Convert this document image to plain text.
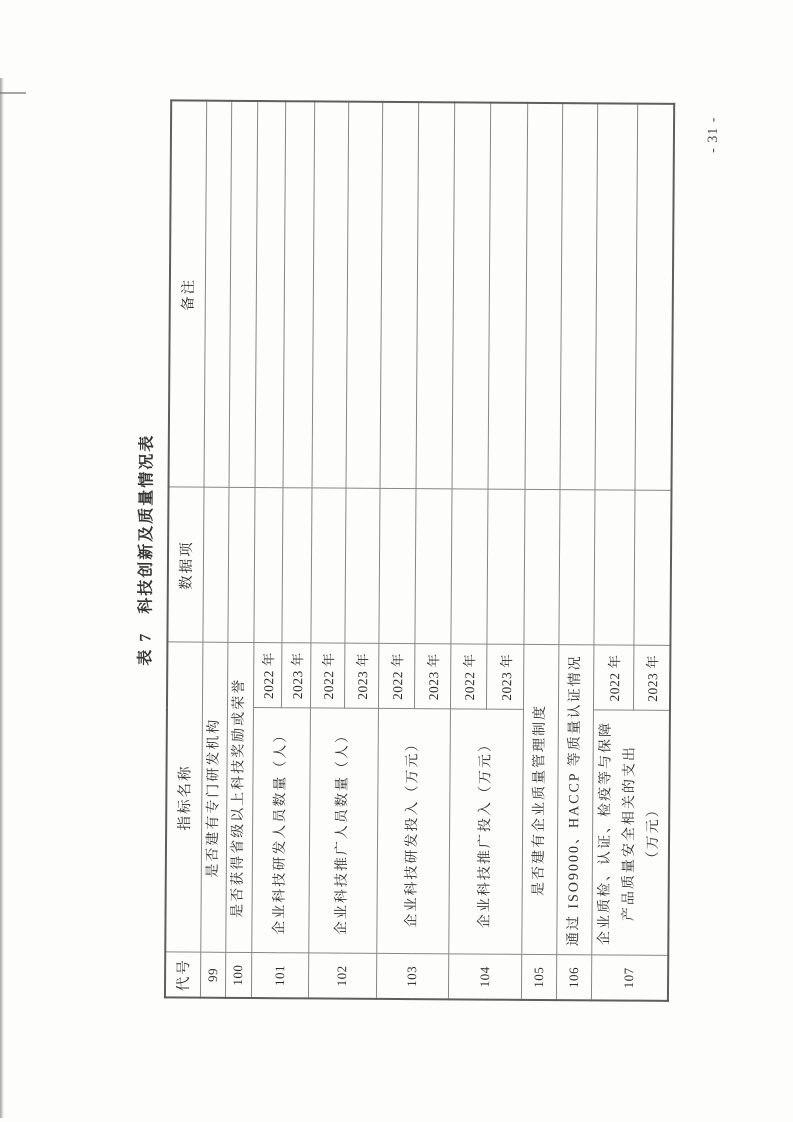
表 7　科技创新及质量情况表
代号	指标名称		数据项	备注
99	是否建有专门研发机构			
100	是否获得省级以上科技奖励或荣誉			
101	企业科技研发人员数量（人）	2022 年		
		2023 年		
102	企业科技推广人员数量（人）	2022 年		
		2023 年		
103	企业科技研发投入（万元）	2022 年		
		2023 年		
104	企业科技推广投入（万元）	2022 年		
		2023 年		
105	是否建有企业质量管理制度			
106	通过 ISO9000、HACCP 等质量认证情况			
107	企业质检、认证、检疫等与保障
产品质量安全相关的支出
（万元）	2022 年		
		2023 年		
- 31 -
